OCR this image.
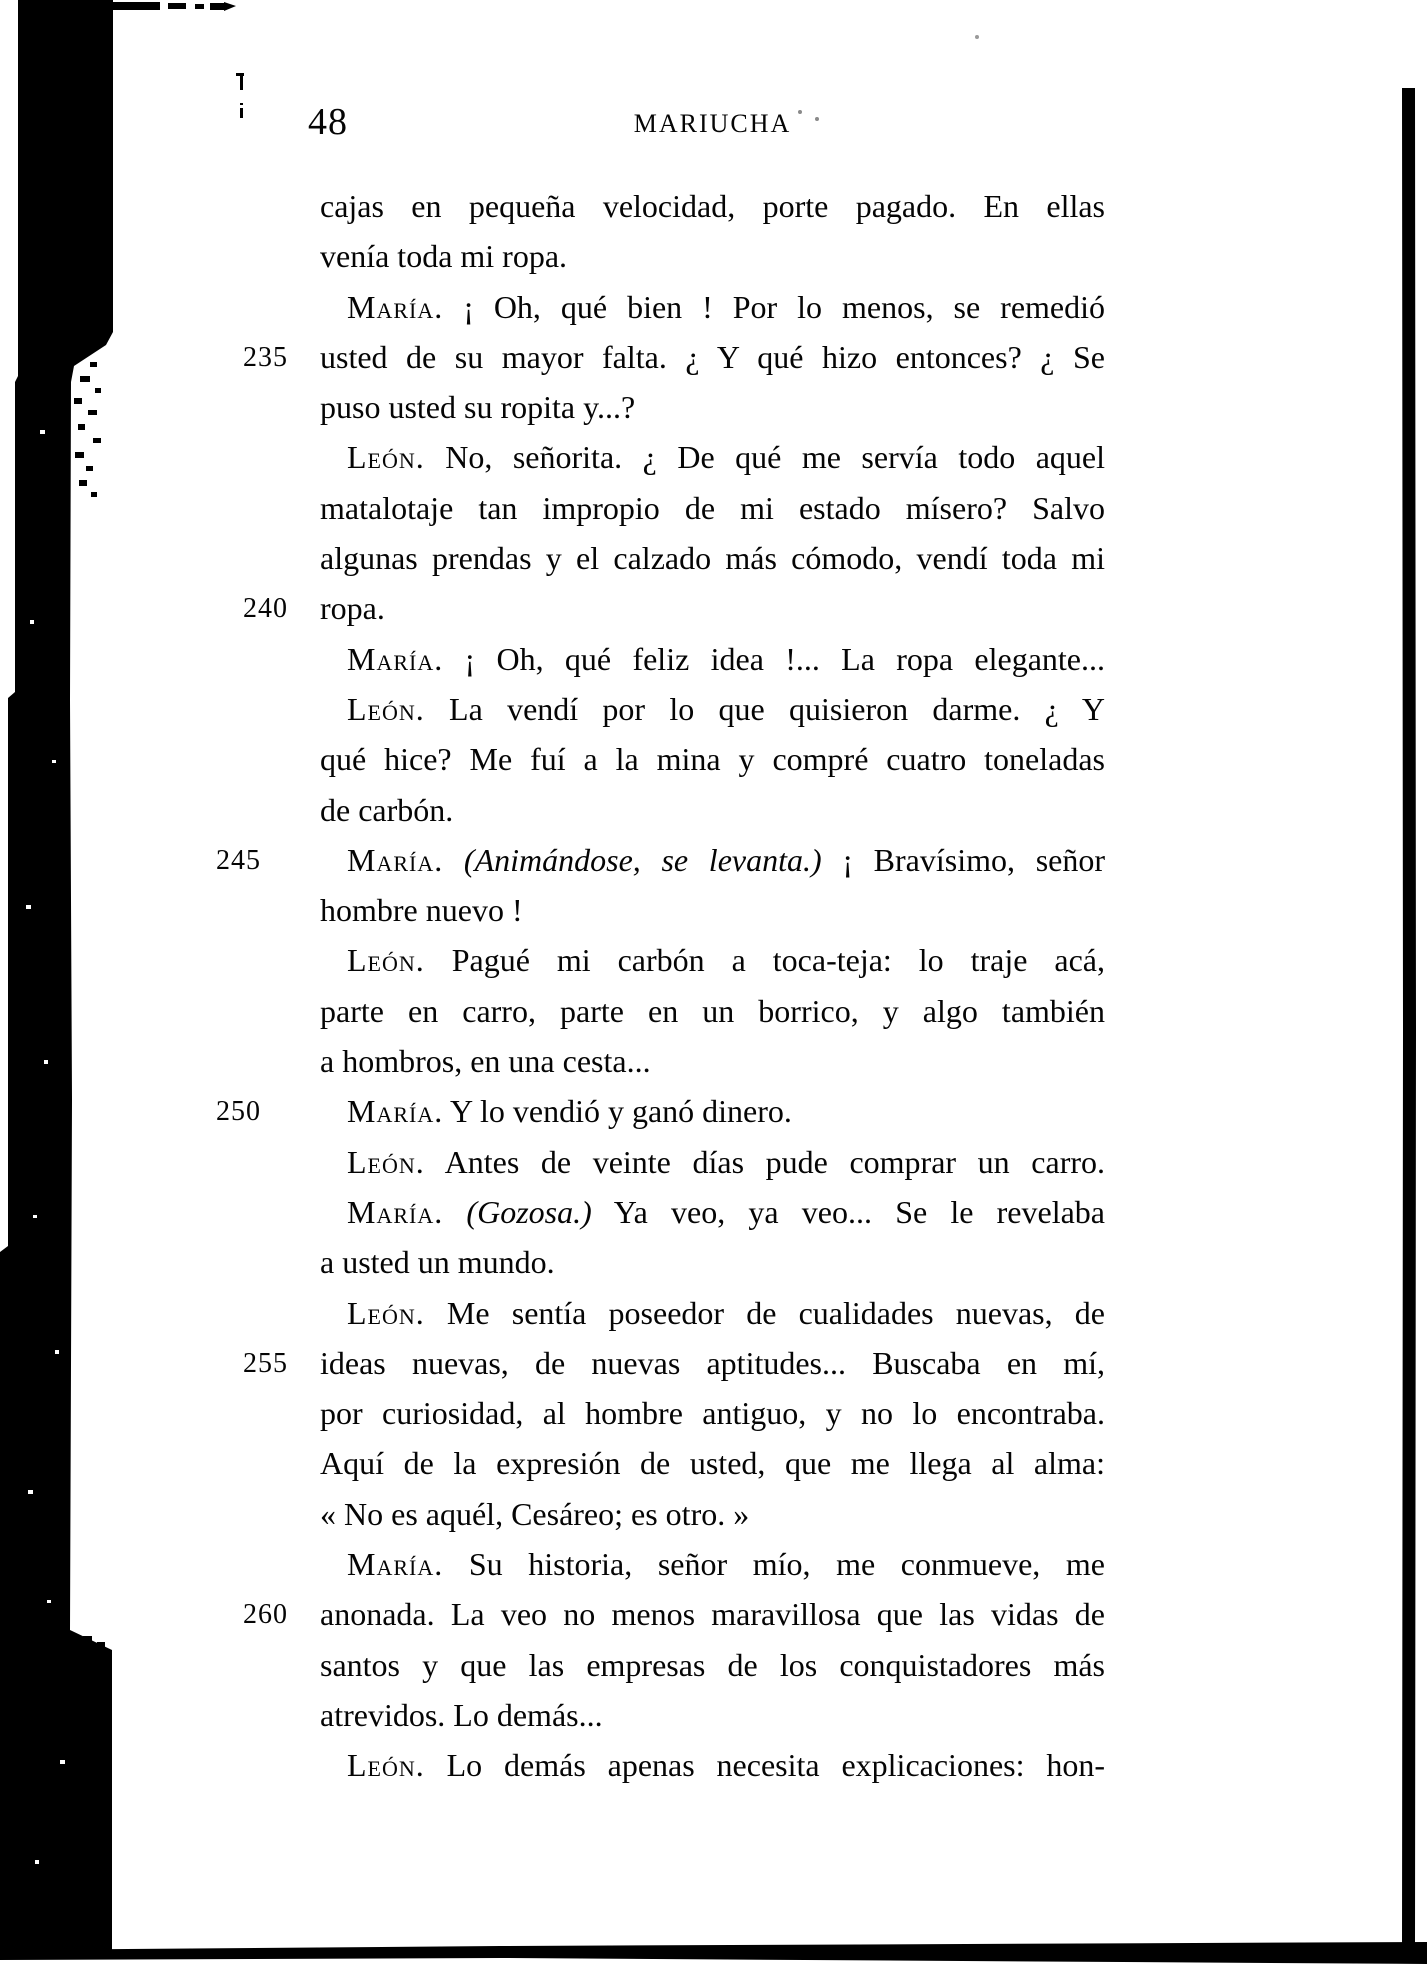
48	MARIUCHA
cajas en pequeña velocidad, porte pagado. En ellas
venía toda mi ropa.
María. ¡ Oh, qué bien ! Por lo menos, se remedió
235 usted de su mayor falta. ¿ Y qué hizo entonces? ¿ Se
puso usted su ropita y...?
León. No, señorita. ¿ De qué me servía todo aquel
matalotaje tan impropio de mi estado mísero? Salvo
algunas prendas y el calzado más cómodo, vendí toda mi
240 ropa.
María. ¡ Oh, qué feliz idea !... La ropa elegante...
León. La vendí por lo que quisieron darme. ¿ Y
qué hice? Me fuí a la mina y compré cuatro toneladas
de carbón.
245	María. (Animándose, se levanta.) ¡ Bravísimo, señor
hombre nuevo !
León. Pagué mi carbón a toca-teja: lo traje acá,
parte en carro, parte en un borrico, y algo también
a hombros, en una cesta...
250	María. Y lo vendió y ganó dinero.
León. Antes de veinte días pude comprar un carro.
María. (Gozosa.) Ya veo, ya veo... Se le revelaba
a usted un mundo.
León. Me sentía poseedor de cualidades nuevas, de
255 ideas nuevas, de nuevas aptitudes... Buscaba en mí,
por curiosidad, al hombre antiguo, y no lo encontraba.
Aquí de la expresión de usted, que me llega al alma:
« No es aquél, Cesáreo; es otro. »
María. Su historia, señor mío, me conmueve, me
260 anonada. La veo no menos maravillosa que las vidas de
santos y que las empresas de los conquistadores más
atrevidos. Lo demás...
León. Lo demás apenas necesita explicaciones: hon-
